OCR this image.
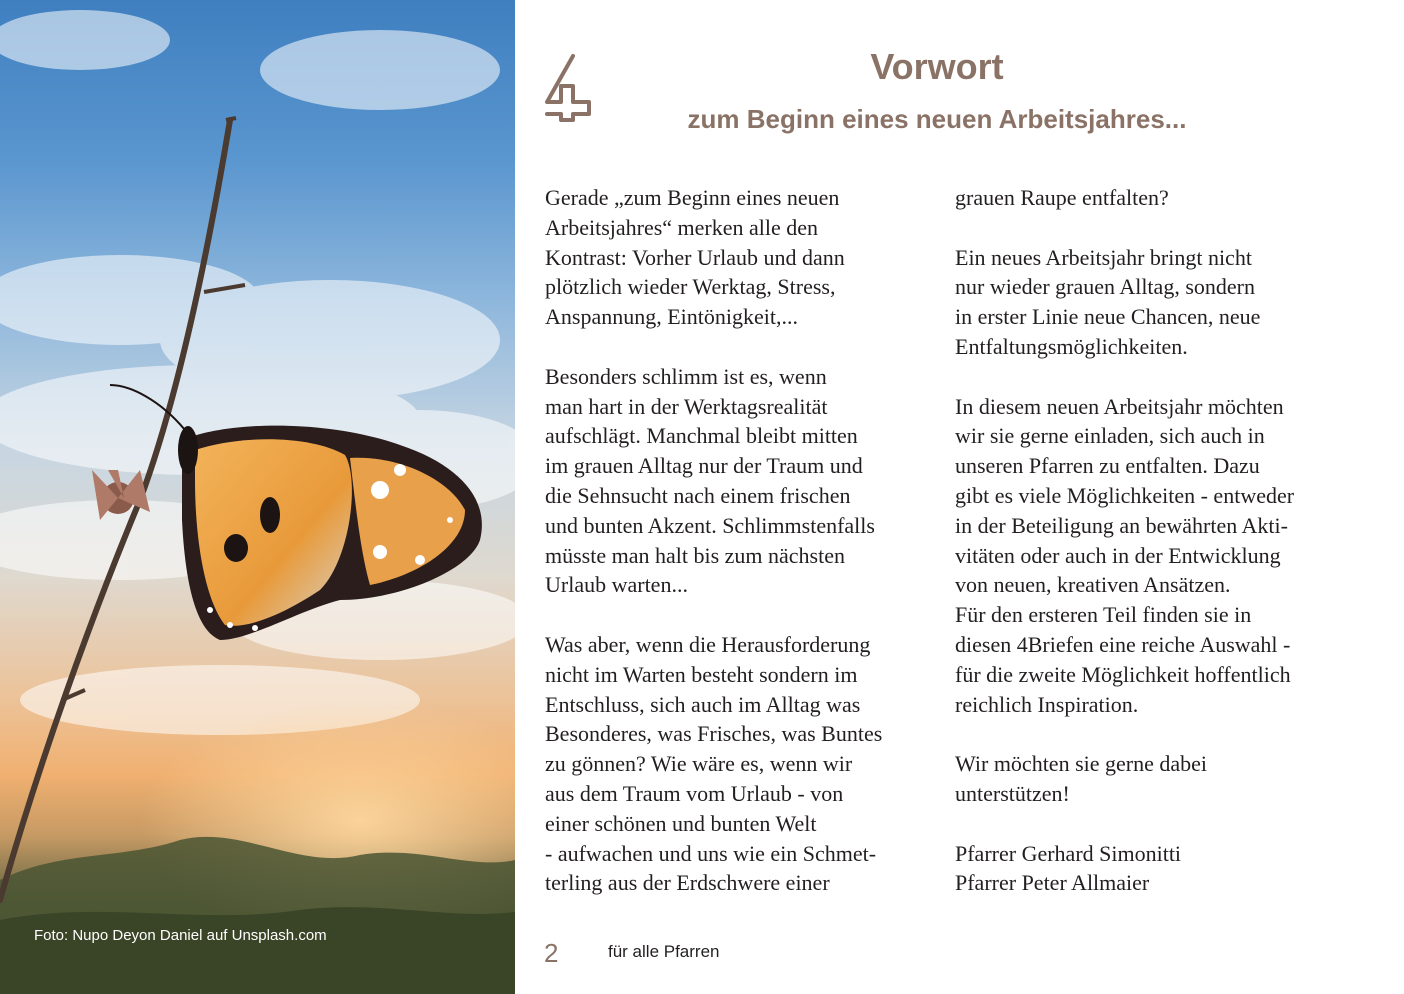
Foto: Nupo Deyon Daniel auf Unsplash.com
Vorwort
zum Beginn eines neuen Arbeitsjahres...

Gerade „zum Beginn eines neuen
Arbeitsjahres“ merken alle den
Kontrast: Vorher Urlaub und dann
plötzlich wieder Werktag, Stress,
Anspannung, Eintönigkeit,...

Besonders schlimm ist es, wenn
man hart in der Werktagsrealität
aufschlägt. Manchmal bleibt mitten
im grauen Alltag nur der Traum und
die Sehnsucht nach einem frischen
und bunten Akzent. Schlimmstenfalls
müsste man halt bis zum nächsten
Urlaub warten...

Was aber, wenn die Herausforderung
nicht im Warten besteht sondern im
Entschluss, sich auch im Alltag was
Besonderes, was Frisches, was Buntes
zu gönnen? Wie wäre es, wenn wir
aus dem Traum vom Urlaub - von
einer schönen und bunten Welt
- aufwachen und uns wie ein Schmet-
terling aus der Erdschwere einer

grauen Raupe entfalten?

Ein neues Arbeitsjahr bringt nicht
nur wieder grauen Alltag, sondern
in erster Linie neue Chancen, neue
Entfaltungsmöglichkeiten.

In diesem neuen Arbeitsjahr möchten
wir sie gerne einladen, sich auch in
unseren Pfarren zu entfalten. Dazu
gibt es viele Möglichkeiten - entweder
in der Beteiligung an bewährten Akti-
vitäten oder auch in der Entwicklung
von neuen, kreativen Ansätzen.

Für den ersteren Teil finden sie in
diesen 4Briefen eine reiche Auswahl -
für die zweite Möglichkeit hoffentlich
reichlich Inspiration.

Wir möchten sie gerne dabei
unterstützen!

Pfarrer Gerhard Simonitti
Pfarrer Peter Allmaier

2	für alle Pfarren
